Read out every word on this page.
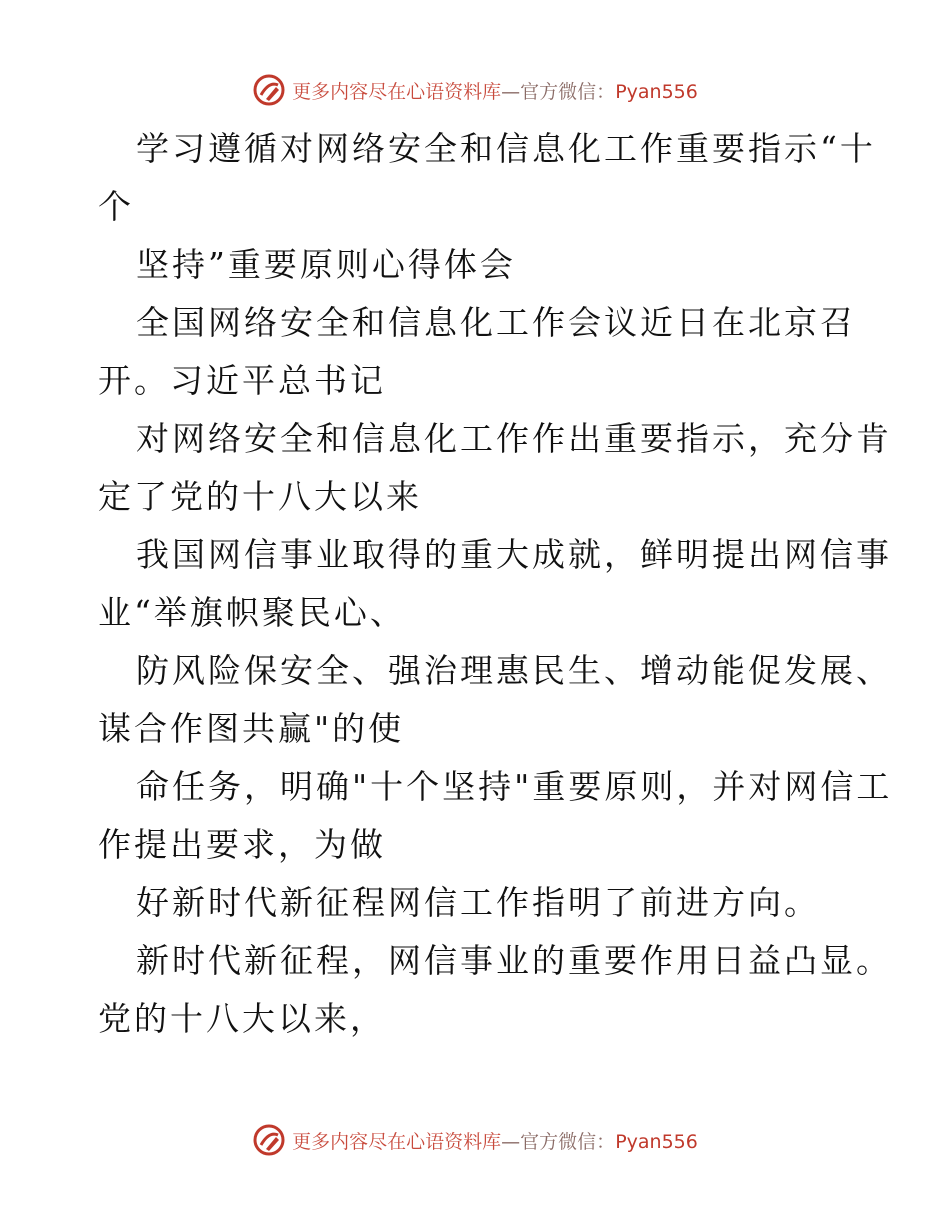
更多内容尽在心语资料库—官方微信：Pyan556
学习遵循对网络安全和信息化工作重要指示“十
个
坚持”重要原则心得体会
全国网络安全和信息化工作会议近日在北京召
开。习近平总书记
对网络安全和信息化工作作出重要指示，充分肯
定了党的十八大以来
我国网信事业取得的重大成就，鲜明提出网信事
业“举旗帜聚民心、
防风险保安全、强治理惠民生、增动能促发展、
谋合作图共赢"的使
命任务，明确"十个坚持"重要原则，并对网信工
作提出要求，为做
好新时代新征程网信工作指明了前进方向。
新时代新征程，网信事业的重要作用日益凸显。
党的十八大以来，
更多内容尽在心语资料库—官方微信：Pyan556
